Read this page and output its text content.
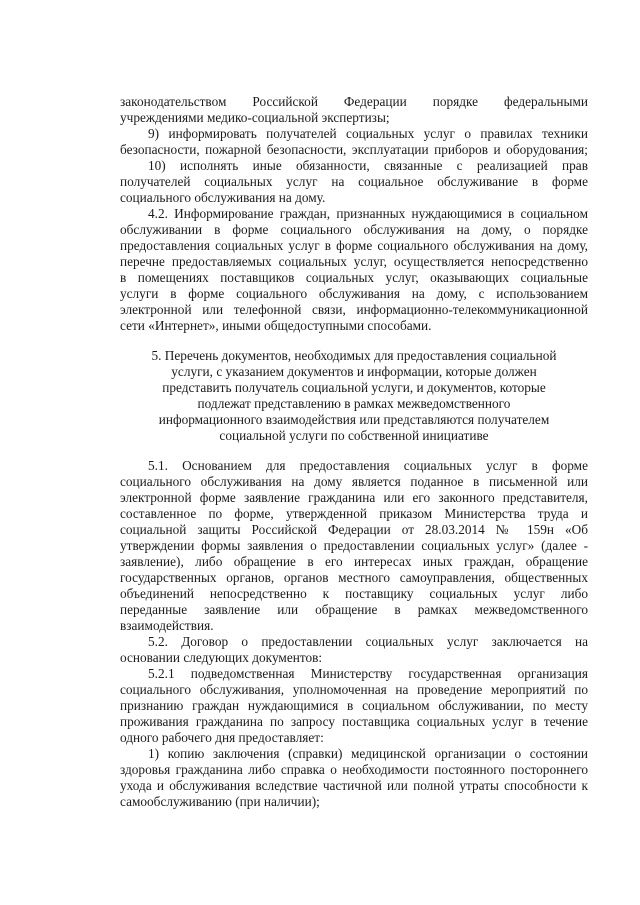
законодательством Российской Федерации порядке федеральными
учреждениями медико-социальной экспертизы;
9) информировать получателей социальных услуг о правилах техники
безопасности, пожарной безопасности, эксплуатации приборов и оборудования;
10) исполнять иные обязанности, связанные с реализацией прав
получателей социальных услуг на социальное обслуживание в форме
социального обслуживания на дому.
4.2. Информирование граждан, признанных нуждающимися в социальном
обслуживании в форме социального обслуживания на дому, о порядке
предоставления социальных услуг в форме социального обслуживания на дому,
перечне предоставляемых социальных услуг, осуществляется непосредственно
в помещениях поставщиков социальных услуг, оказывающих социальные
услуги в форме социального обслуживания на дому, с использованием
электронной или телефонной связи, информационно-телекоммуникационной
сети «Интернет», иными общедоступными способами.
5. Перечень документов, необходимых для предоставления социальной
услуги, с указанием документов и информации, которые должен
представить получатель социальной услуги, и документов, которые
подлежат представлению в рамках межведомственного
информационного взаимодействия или представляются получателем
социальной услуги по собственной инициативе
5.1. Основанием для предоставления социальных услуг в форме
социального обслуживания на дому является поданное в письменной или
электронной форме заявление гражданина или его законного представителя,
составленное по форме, утвержденной приказом Министерства труда и
социальной защиты Российской Федерации от 28.03.2014 № 159н «Об
утверждении формы заявления о предоставлении социальных услуг» (далее -
заявление), либо обращение в его интересах иных граждан, обращение
государственных органов, органов местного самоуправления, общественных
объединений непосредственно к поставщику социальных услуг либо
переданные заявление или обращение в рамках межведомственного
взаимодействия.
5.2. Договор о предоставлении социальных услуг заключается на
основании следующих документов:
5.2.1 подведомственная Министерству государственная организация
социального обслуживания, уполномоченная на проведение мероприятий по
признанию граждан нуждающимися в социальном обслуживании, по месту
проживания гражданина по запросу поставщика социальных услуг в течение
одного рабочего дня предоставляет:
1) копию заключения (справки) медицинской организации о состоянии
здоровья гражданина либо справка о необходимости постоянного постороннего
ухода и обслуживания вследствие частичной или полной утраты способности к
самообслуживанию (при наличии);
